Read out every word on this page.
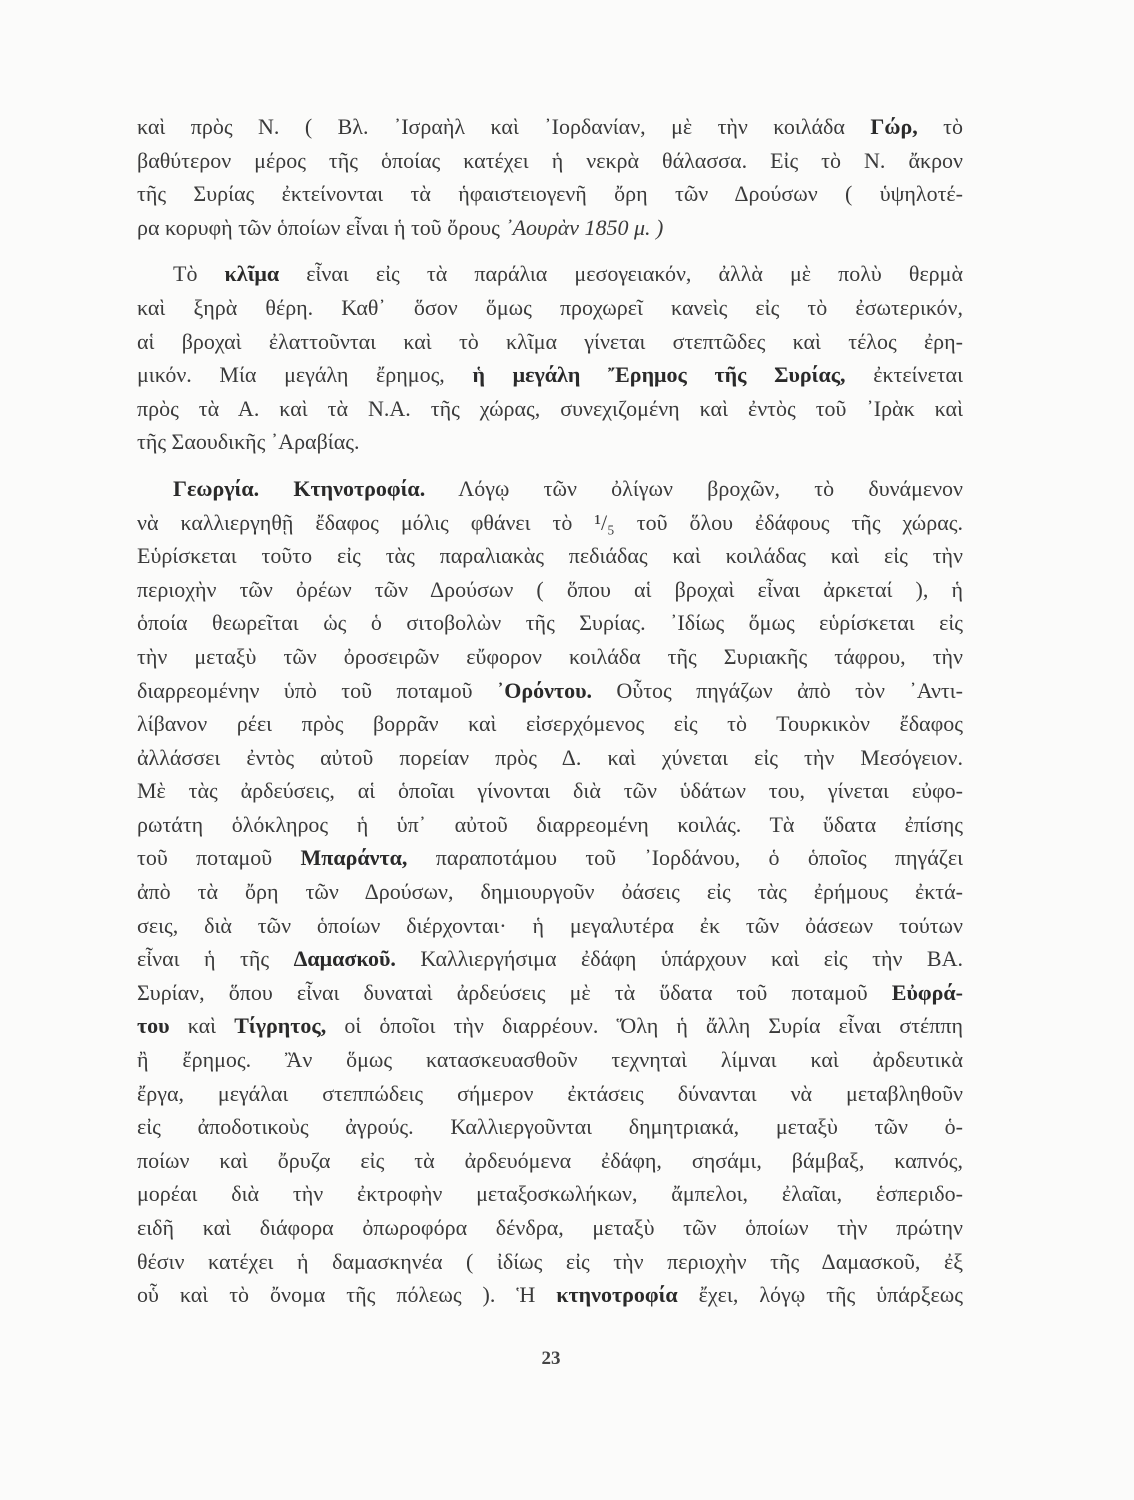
καὶ πρὸς Ν. ( Βλ. ᾿Ισραὴλ καὶ ᾿Ιορδανίαν, μὲ τὴν κοιλάδα Γώρ, τὸ
βαθύτερον μέρος τῆς ὁποίας κατέχει ἡ νεκρὰ θάλασσα. Εἰς τὸ Ν. ἄκρον
τῆς Συρίας ἐκτείνονται τὰ ἡφαιστειογενῆ ὄρη τῶν Δρούσων ( ὑψηλοτέ-
ρα κορυφὴ τῶν ὁποίων εἶναι ἡ τοῦ ὄρους ᾿Αουρὰν 1850 μ. )
Τὸ κλῖμα εἶναι εἰς τὰ παράλια μεσογειακόν, ἀλλὰ μὲ πολὺ θερμὰ
καὶ ξηρὰ θέρη. Καθ᾿ ὅσον ὅμως προχωρεῖ κανεὶς εἰς τὸ ἐσωτερικόν,
αἱ βροχαὶ ἐλαττοῦνται καὶ τὸ κλῖμα γίνεται στεπτῶδες καὶ τέλος ἐρη-
μικόν. Μία μεγάλη ἔρημος, ἡ μεγάλη Ἔρημος τῆς Συρίας, ἐκτείνεται
πρὸς τὰ Α. καὶ τὰ Ν.Α. τῆς χώρας, συνεχιζομένη καὶ ἐντὸς τοῦ ᾿Ιρὰκ καὶ
τῆς Σαουδικῆς ᾿Αραβίας.
Γεωργία. Κτηνοτροφία. Λόγῳ τῶν ὀλίγων βροχῶν, τὸ δυνάμενον
νὰ καλλιεργηθῇ ἔδαφος μόλις φθάνει τὸ ¹/₅ τοῦ ὅλου ἐδάφους τῆς χώρας.
Εὑρίσκεται τοῦτο εἰς τὰς παραλιακὰς πεδιάδας καὶ κοιλάδας καὶ εἰς τὴν
περιοχὴν τῶν ὀρέων τῶν Δρούσων ( ὅπου αἱ βροχαὶ εἶναι ἀρκεταί ), ἡ
ὁποία θεωρεῖται ὡς ὁ σιτοβολὼν τῆς Συρίας. ᾿Ιδίως ὅμως εὑρίσκεται εἰς
τὴν μεταξὺ τῶν ὀροσειρῶν εὔφορον κοιλάδα τῆς Συριακῆς τάφρου, τὴν
διαρρεομένην ὑπὸ τοῦ ποταμοῦ ᾿Ορόντου. Οὗτος πηγάζων ἀπὸ τὸν ᾿Αντι-
λίβανον ρέει πρὸς βορρᾶν καὶ εἰσερχόμενος εἰς τὸ Τουρκικὸν ἔδαφος
ἀλλάσσει ἐντὸς αὐτοῦ πορείαν πρὸς Δ. καὶ χύνεται εἰς τὴν Μεσόγειον.
Μὲ τὰς ἀρδεύσεις, αἱ ὁποῖαι γίνονται διὰ τῶν ὑδάτων του, γίνεται εὐφο-
ρωτάτη ὁλόκληρος ἡ ὑπ᾿ αὐτοῦ διαρρεομένη κοιλάς. Τὰ ὕδατα ἐπίσης
τοῦ ποταμοῦ Μπαράντα, παραποτάμου τοῦ ᾿Ιορδάνου, ὁ ὁποῖος πηγάζει
ἀπὸ τὰ ὄρη τῶν Δρούσων, δημιουργοῦν ὀάσεις εἰς τὰς ἐρήμους ἐκτά-
σεις, διὰ τῶν ὁποίων διέρχονται· ἡ μεγαλυτέρα ἐκ τῶν ὀάσεων τούτων
εἶναι ἡ τῆς Δαμασκοῦ. Καλλιεργήσιμα ἐδάφη ὑπάρχουν καὶ εἰς τὴν ΒΑ.
Συρίαν, ὅπου εἶναι δυναταὶ ἀρδεύσεις μὲ τὰ ὕδατα τοῦ ποταμοῦ Εὐφρά-
του καὶ Τίγρητος, οἱ ὁποῖοι τὴν διαρρέουν. Ὅλη ἡ ἄλλη Συρία εἶναι στέππη
ἢ ἔρημος. Ἂν ὅμως κατασκευασθοῦν τεχνηταὶ λίμναι καὶ ἀρδευτικὰ
ἔργα, μεγάλαι στεππώδεις σήμερον ἐκτάσεις δύνανται νὰ μεταβληθοῦν
εἰς ἀποδοτικοὺς ἀγρούς. Καλλιεργοῦνται δημητριακά, μεταξὺ τῶν ὁ-
ποίων καὶ ὄρυζα εἰς τὰ ἀρδευόμενα ἐδάφη, σησάμι, βάμβαξ, καπνός,
μορέαι διὰ τὴν ἐκτροφὴν μεταξοσκωλήκων, ἄμπελοι, ἐλαῖαι, ἑσπεριδο-
ειδῆ καὶ διάφορα ὀπωροφόρα δένδρα, μεταξὺ τῶν ὁποίων τὴν πρώτην
θέσιν κατέχει ἡ δαμασκηνέα ( ἰδίως εἰς τὴν περιοχὴν τῆς Δαμασκοῦ, ἐξ
οὗ καὶ τὸ ὄνομα τῆς πόλεως ). Ἡ κτηνοτροφία ἔχει, λόγῳ τῆς ὑπάρξεως
23
